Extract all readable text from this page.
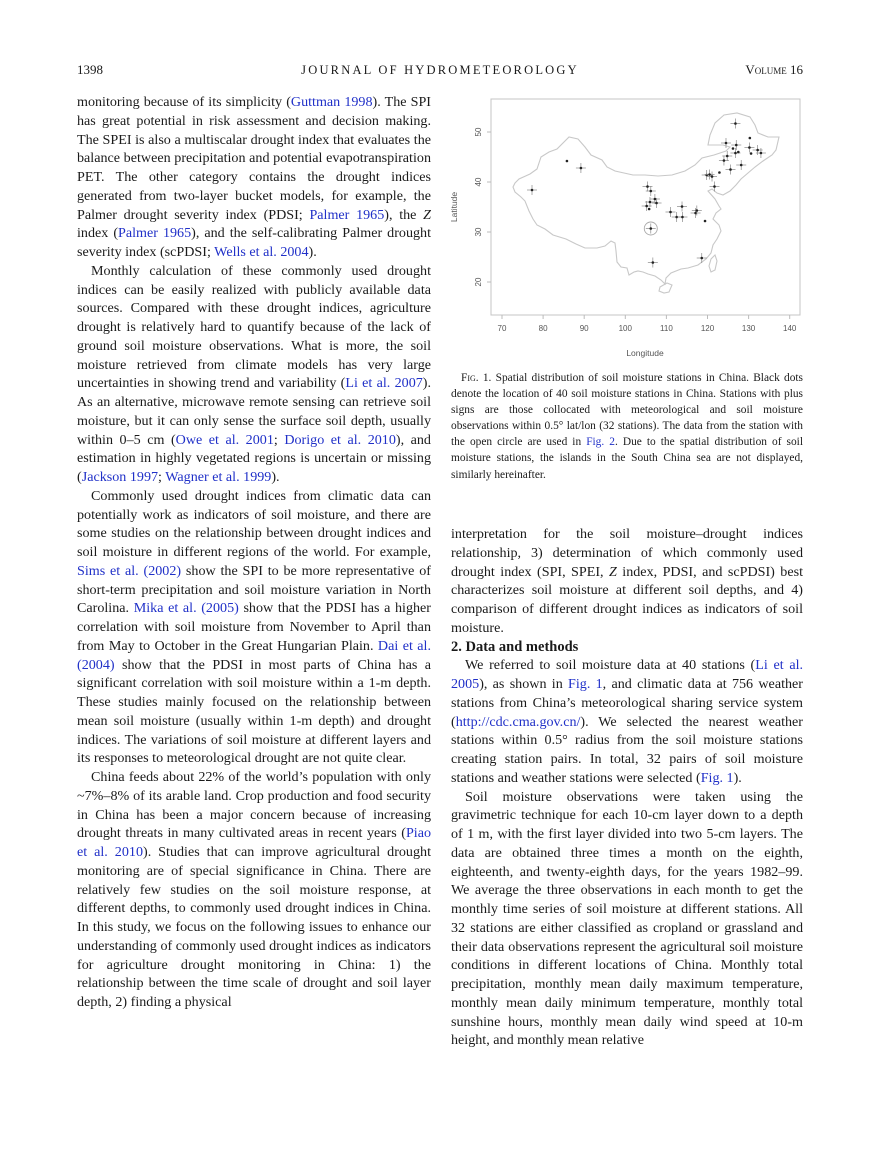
1398	JOURNAL OF HYDROMETEOROLOGY	Volume 16

monitoring because of its simplicity (Guttman 1998). The SPI has great potential in risk assessment and decision making. The SPEI is also a multiscalar drought index that evaluates the balance between precipitation and potential evapotranspiration PET. The other category contains the drought indices generated from two-layer bucket models, for example, the Palmer drought severity index (PDSI; Palmer 1965), the Z index (Palmer 1965), and the self-calibrating Palmer drought severity index (scPDSI; Wells et al. 2004).

Monthly calculation of these commonly used drought indices can be easily realized with publicly available data sources. Compared with these drought indices, agriculture drought is relatively hard to quantify because of the lack of ground soil moisture observations. What is more, the soil moisture retrieved from climate models has very large uncertainties in showing trend and variability (Li et al. 2007). As an alternative, microwave remote sensing can retrieve soil moisture, but it can only sense the surface soil depth, usually within 0–5 cm (Owe et al. 2001; Dorigo et al. 2010), and estimation in highly vegetated regions is uncertain or missing (Jackson 1997; Wagner et al. 1999).

Commonly used drought indices from climatic data can potentially work as indicators of soil moisture, and there are some studies on the relationship between drought indices and soil moisture in different regions of the world. For example, Sims et al. (2002) show the SPI to be more representative of short-term precipitation and soil moisture variation in North Carolina. Mika et al. (2005) show that the PDSI has a higher correlation with soil moisture from November to April than from May to October in the Great Hungarian Plain. Dai et al. (2004) show that the PDSI in most parts of China has a significant correlation with soil moisture within a 1-m depth. These studies mainly focused on the relationship between mean soil moisture (usually within 1-m depth) and drought indices. The variations of soil moisture at different layers and its responses to meteorological drought are not quite clear.

China feeds about 22% of the world’s population with only ~7%–8% of its arable land. Crop production and food security in China has been a major concern because of increasing drought threats in many cultivated areas in recent years (Piao et al. 2010). Studies that can improve agricultural drought monitoring are of special significance in China. There are relatively few studies on the soil moisture response, at different depths, to commonly used drought indices in China. In this study, we focus on the following issues to enhance our understanding of commonly used drought indices as indicators for agriculture drought monitoring in China: 1) the relationship between the time scale of drought and soil layer depth, 2) finding a physical

70	80	90	100	110	120	130	140
20
30
40
50
Longitude
Latitude
Fig. 1. Spatial distribution of soil moisture stations in China. Black dots denote the location of 40 soil moisture stations in China. Stations with plus signs are those collocated with meteorological and soil moisture observations within 0.5° lat/lon (32 stations). The data from the station with the open circle are used in Fig. 2. Due to the spatial distribution of soil moisture stations, the islands in the South China sea are not displayed, similarly hereinafter.

interpretation for the soil moisture–drought indices relationship, 3) determination of which commonly used drought index (SPI, SPEI, Z index, PDSI, and scPDSI) best characterizes soil moisture at different soil depths, and 4) comparison of different drought indices as indicators of soil moisture.

2. Data and methods

We referred to soil moisture data at 40 stations (Li et al. 2005), as shown in Fig. 1, and climatic data at 756 weather stations from China’s meteorological sharing service system (http://cdc.cma.gov.cn/). We selected the nearest weather stations within 0.5° radius from the soil moisture stations creating station pairs. In total, 32 pairs of soil moisture stations and weather stations were selected (Fig. 1).

Soil moisture observations were taken using the gravimetric technique for each 10-cm layer down to a depth of 1 m, with the first layer divided into two 5-cm layers. The data are obtained three times a month on the eighth, eighteenth, and twenty-eighth days, for the years 1982–99. We average the three observations in each month to get the monthly time series of soil moisture at different stations. All 32 stations are either classified as cropland or grassland and their data observations represent the agricultural soil moisture conditions in different locations of China. Monthly total precipitation, monthly mean daily maximum temperature, monthly mean daily minimum temperature, monthly total sunshine hours, monthly mean daily wind speed at 10-m height, and monthly mean relative
